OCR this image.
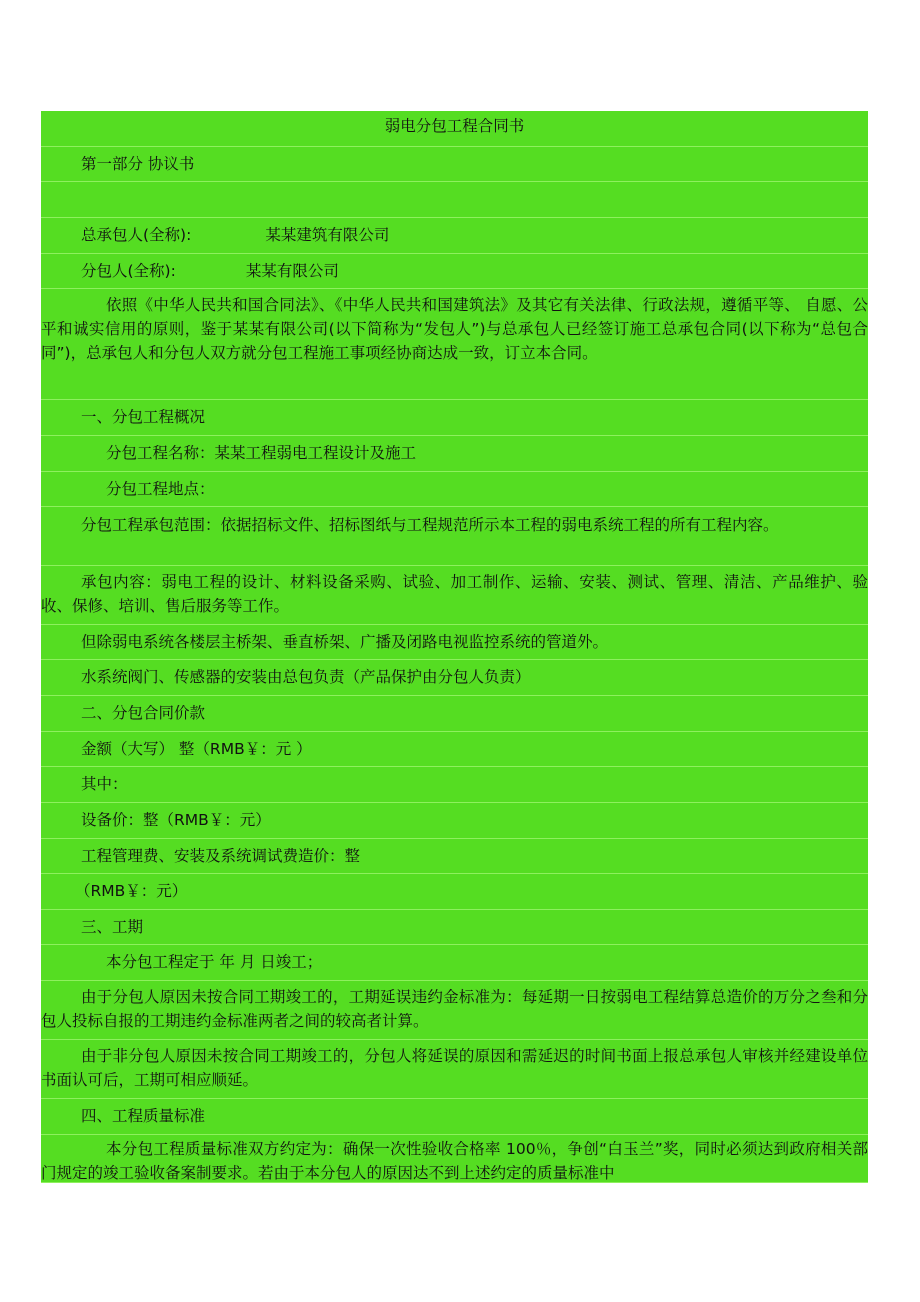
弱电分包工程合同书
第一部分 协议书
总承包人(全称):	某某建筑有限公司
分包人(全称):	某某有限公司
依照《中华人民共和国合同法》、《中华人民共和国建筑法》及其它有关法律、行政法规，遵循平等、 自愿、公平和诚实信用的原则，鉴于某某有限公司(以下简称为“发包人”)与总承包人已经签订施工总承包合同(以下称为“总包合同”)，总承包人和分包人双方就分包工程施工事项经协商达成一致，订立本合同。
一、分包工程概况
分包工程名称：某某工程弱电工程设计及施工
分包工程地点：
分包工程承包范围：依据招标文件、招标图纸与工程规范所示本工程的弱电系统工程的所有工程内容。
承包内容：弱电工程的设计、材料设备采购、试验、加工制作、运输、安装、测试、管理、清洁、产品维护、验收、保修、培训、售后服务等工作。
但除弱电系统各楼层主桥架、垂直桥架、广播及闭路电视监控系统的管道外。
水系统阀门、传感器的安装由总包负责（产品保护由分包人负责）
二、分包合同价款
金额（大写） 整（RMB￥：元 ）
其中：
设备价：整（RMB￥：元）
工程管理费、安装及系统调试费造价：整
（RMB￥：元）
三、工期
本分包工程定于 年 月 日竣工；
由于分包人原因未按合同工期竣工的，工期延误违约金标准为：每延期一日按弱电工程结算总造价的万分之叁和分包人投标自报的工期违约金标准两者之间的较高者计算。
由于非分包人原因未按合同工期竣工的，分包人将延误的原因和需延迟的时间书面上报总承包人审核并经建设单位书面认可后，工期可相应顺延。
四、工程质量标准
本分包工程质量标准双方约定为：确保一次性验收合格率 100％，争创“白玉兰”奖，同时必须达到政府相关部门规定的竣工验收备案制要求。若由于本分包人的原因达不到上述约定的质量标准中
